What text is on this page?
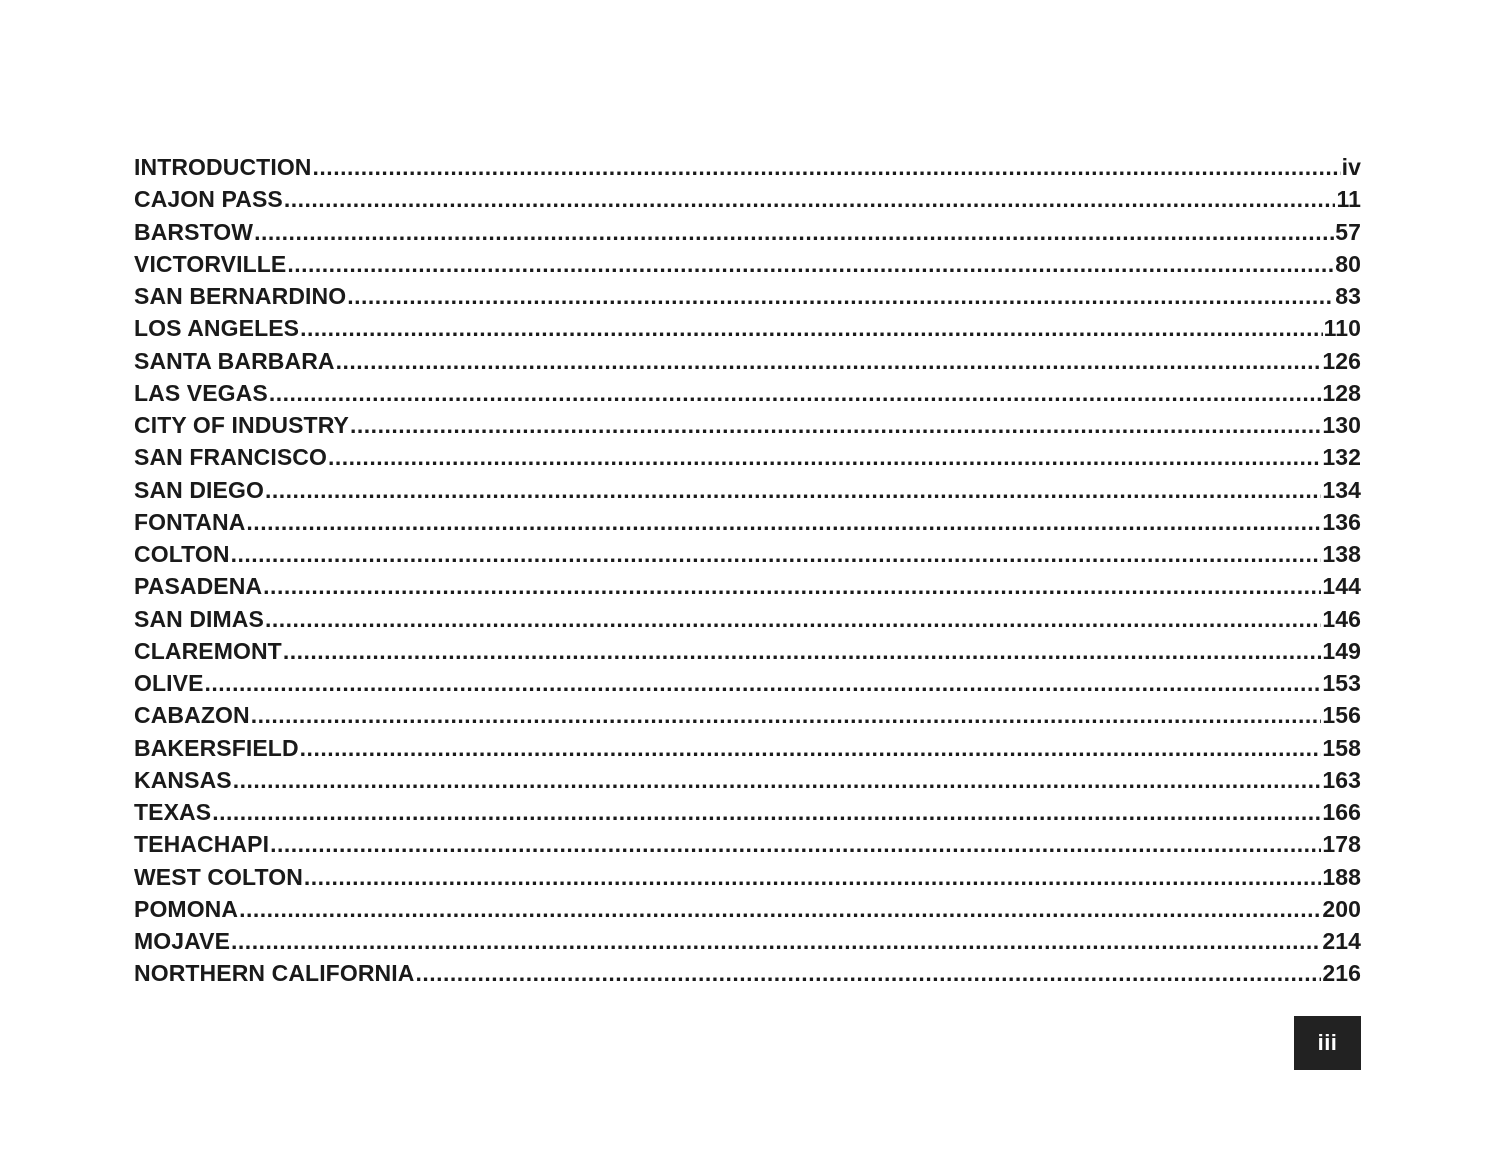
INTRODUCTION .....	iv
CAJON PASS .....	11
BARSTOW .....	57
VICTORVILLE .....	80
SAN BERNARDINO .....	83
LOS ANGELES .....	110
SANTA BARBARA .....	126
LAS VEGAS .....	128
CITY OF INDUSTRY .....	130
SAN FRANCISCO .....	132
SAN DIEGO .....	134
FONTANA .....	136
COLTON .....	138
PASADENA .....	144
SAN DIMAS .....	146
CLAREMONT .....	149
OLIVE .....	153
CABAZON .....	156
BAKERSFIELD .....	158
KANSAS .....	163
TEXAS .....	166
TEHACHAPI .....	178
WEST COLTON .....	188
POMONA .....	200
MOJAVE .....	214
NORTHERN CALIFORNIA .....	216
iii
